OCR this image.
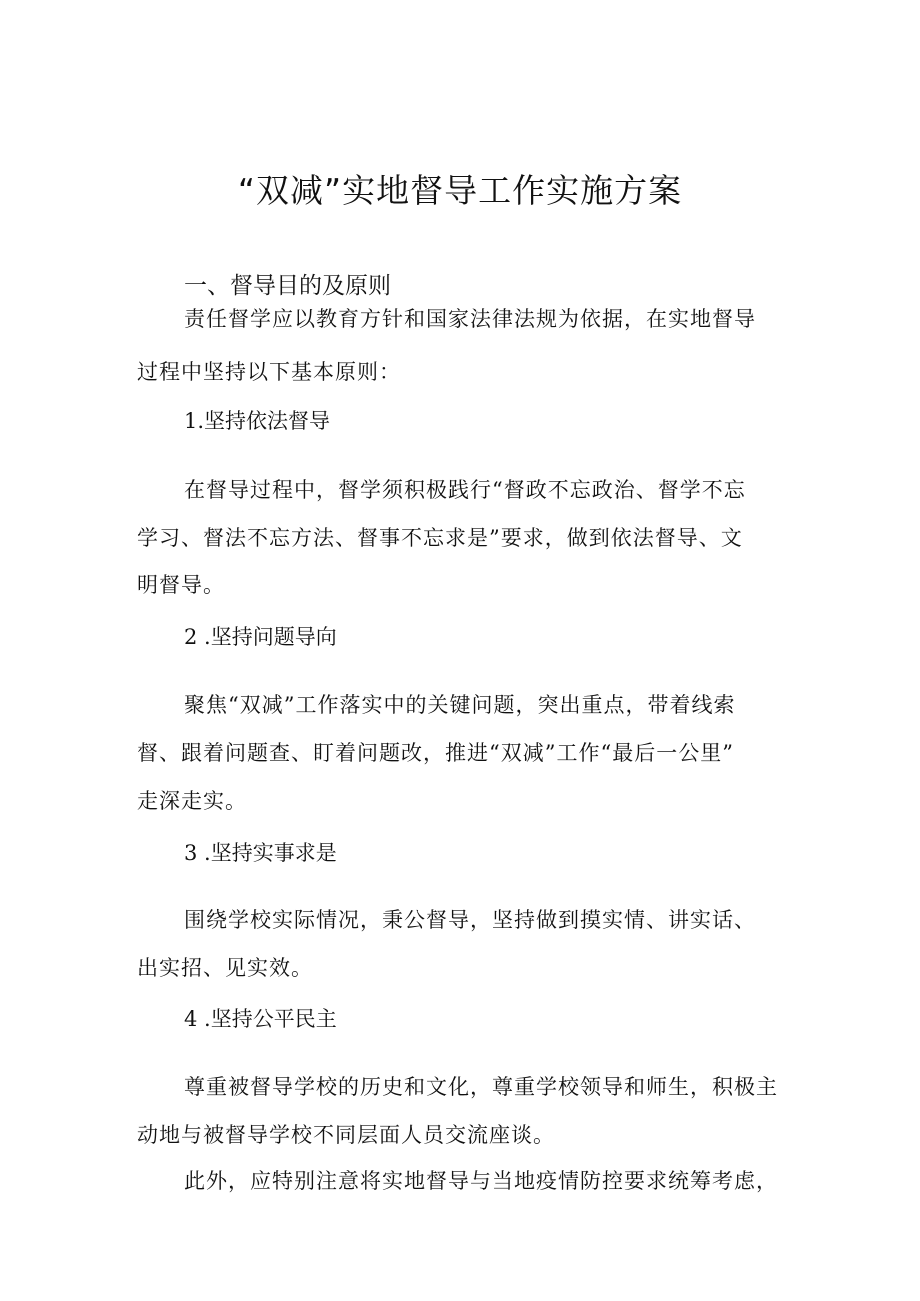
“双减”实地督导工作实施方案
一、督导目的及原则
责任督学应以教育方针和国家法律法规为依据，在实地督导
过程中坚持以下基本原则：
1.坚持依法督导
在督导过程中，督学须积极践行“督政不忘政治、督学不忘
学习、督法不忘方法、督事不忘求是”要求，做到依法督导、文
明督导。
2 .坚持问题导向
聚焦“双减”工作落实中的关键问题，突出重点，带着线索
督、跟着问题查、盯着问题改，推进“双减”工作“最后一公里”
走深走实。
3 .坚持实事求是
围绕学校实际情况，秉公督导，坚持做到摸实情、讲实话、
出实招、见实效。
4 .坚持公平民主
尊重被督导学校的历史和文化，尊重学校领导和师生，积极主
动地与被督导学校不同层面人员交流座谈。
此外，应特别注意将实地督导与当地疫情防控要求统筹考虑，
